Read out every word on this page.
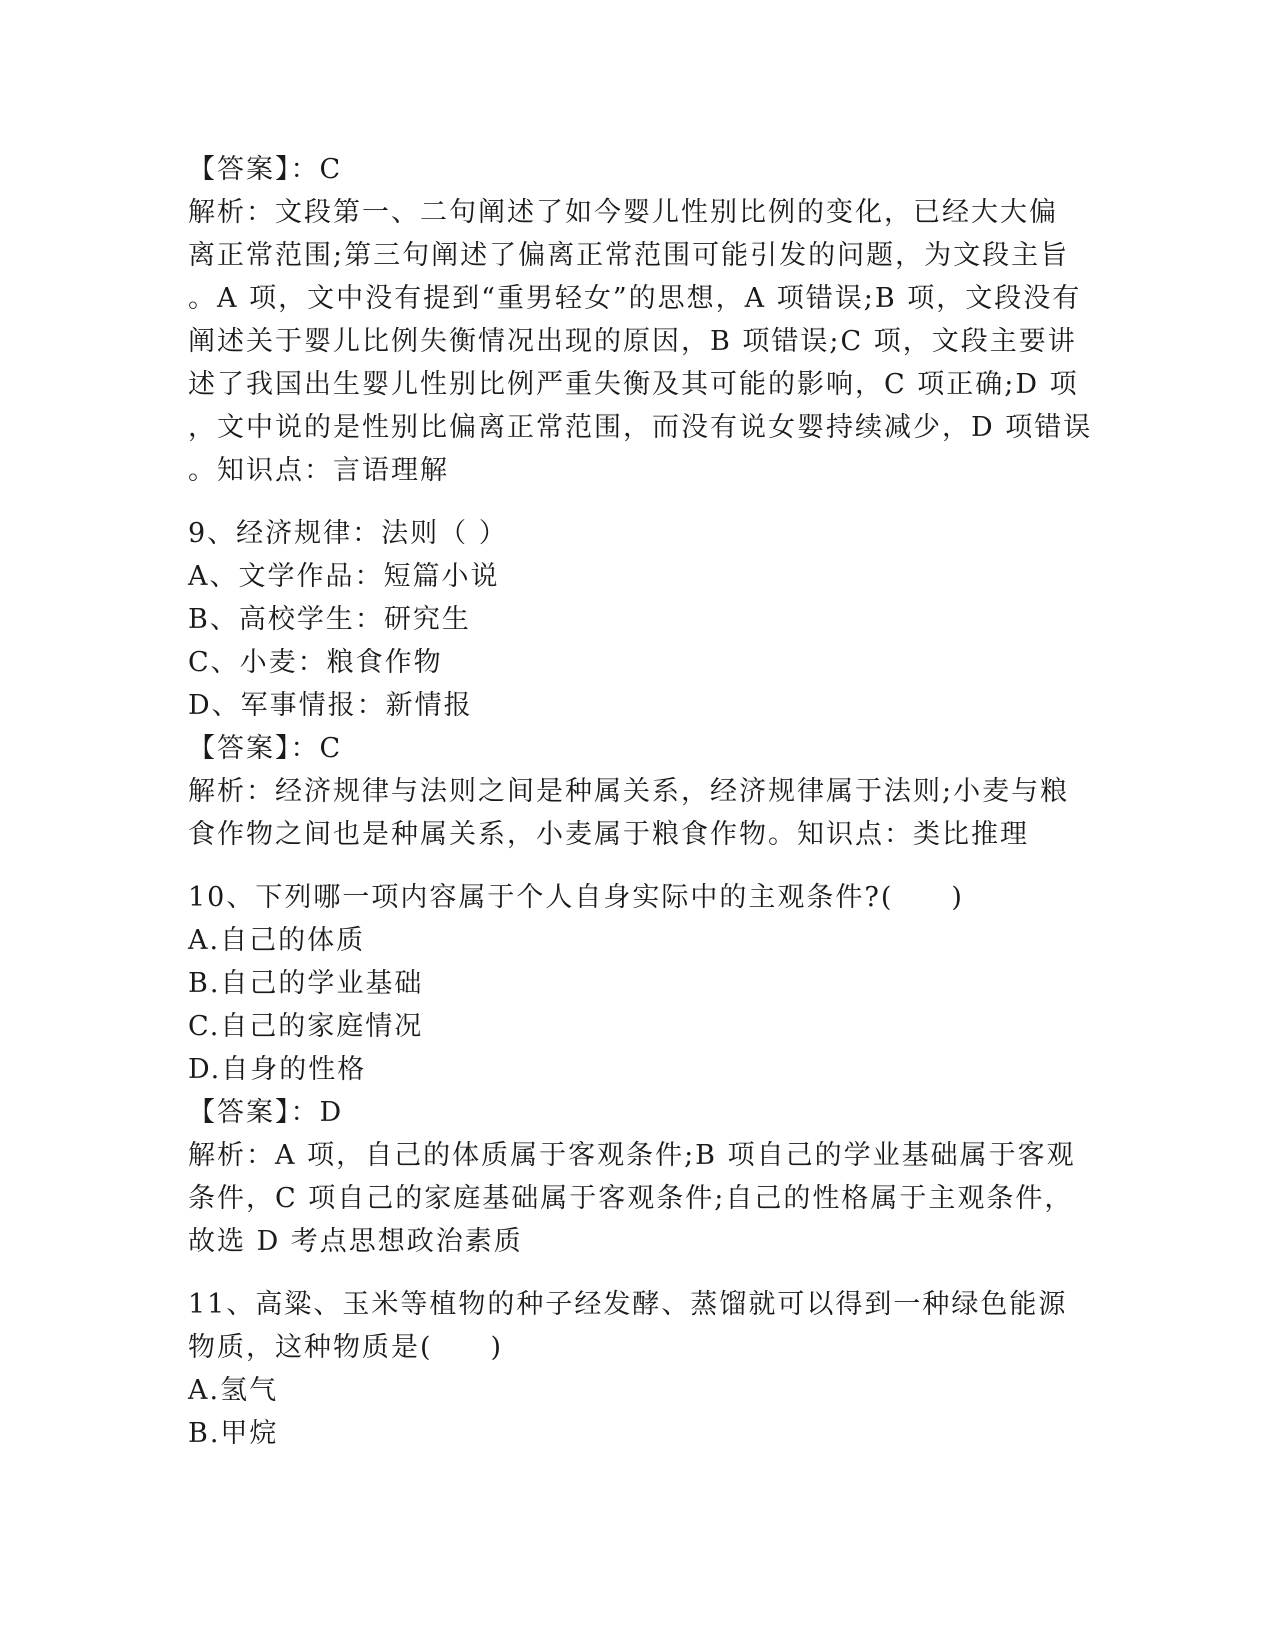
【答案】：C
解析：文段第一、二句阐述了如今婴儿性别比例的变化，已经大大偏
离正常范围;第三句阐述了偏离正常范围可能引发的问题，为文段主旨
。A 项，文中没有提到“重男轻女”的思想，A 项错误;B 项，文段没有
阐述关于婴儿比例失衡情况出现的原因，B 项错误;C 项，文段主要讲
述了我国出生婴儿性别比例严重失衡及其可能的影响，C 项正确;D 项
，文中说的是性别比偏离正常范围，而没有说女婴持续减少，D 项错误
。知识点：言语理解
9、经济规律：法则（ ）
A、文学作品：短篇小说
B、高校学生：研究生
C、小麦：粮食作物
D、军事情报：新情报
【答案】：C
解析：经济规律与法则之间是种属关系，经济规律属于法则;小麦与粮
食作物之间也是种属关系，小麦属于粮食作物。知识点：类比推理
10、下列哪一项内容属于个人自身实际中的主观条件?(　　)
A.自己的体质
B.自己的学业基础
C.自己的家庭情况
D.自身的性格
【答案】：D
解析：A 项，自己的体质属于客观条件;B 项自己的学业基础属于客观
条件，C 项自己的家庭基础属于客观条件;自己的性格属于主观条件，
故选 D 考点思想政治素质
11、高粱、玉米等植物的种子经发酵、蒸馏就可以得到一种绿色能源
物质，这种物质是(　　)
A.氢气
B.甲烷
